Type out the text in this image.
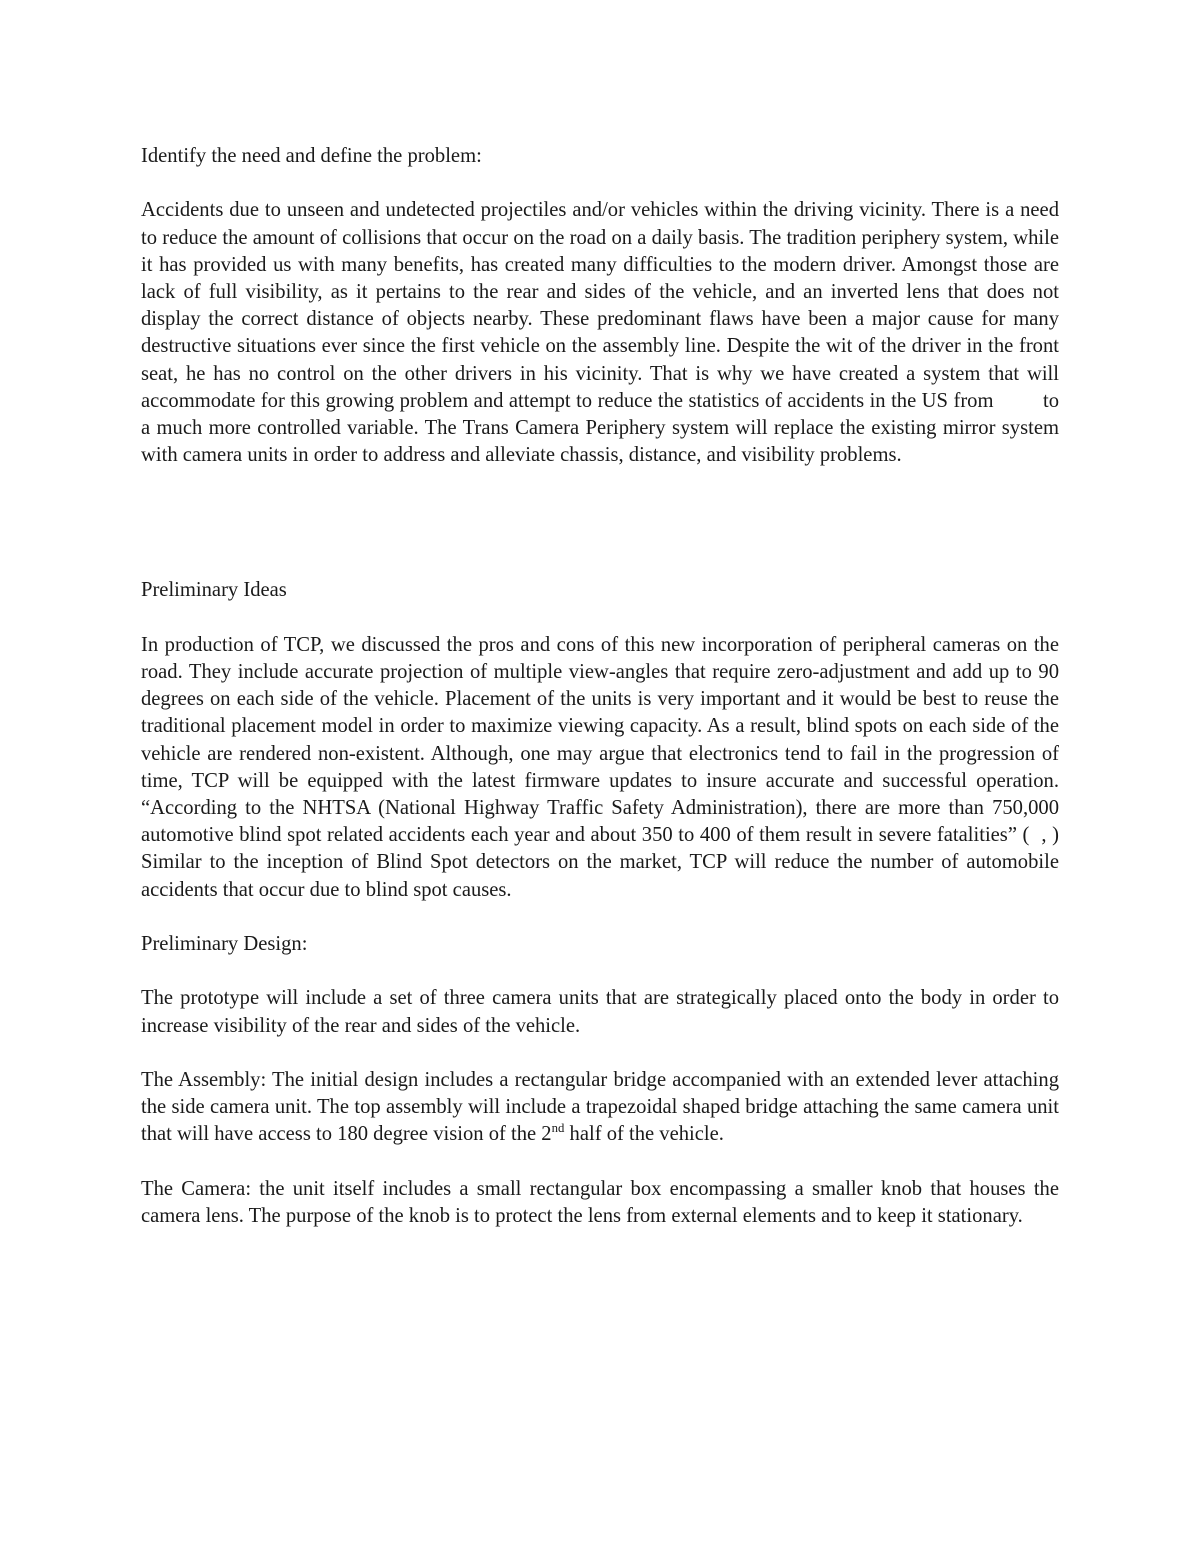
Identify the need and define the problem:

Accidents due to unseen and undetected projectiles and/or vehicles within the driving vicinity. There is a need to reduce the amount of collisions that occur on the road on a daily basis. The tradition periphery system, while it has provided us with many benefits, has created many difficulties to the modern driver. Amongst those are lack of full visibility, as it pertains to the rear and sides of the vehicle, and an inverted lens that does not display the correct distance of objects nearby. These predominant flaws have been a major cause for many destructive situations ever since the first vehicle on the assembly line. Despite the wit of the driver in the front seat, he has no control on the other drivers in his vicinity. That is why we have created a system that will accommodate for this growing problem and attempt to reduce the statistics of accidents in the US from to a much more controlled variable. The Trans Camera Periphery system will replace the existing mirror system with camera units in order to address and alleviate chassis, distance, and visibility problems.

Preliminary Ideas

In production of TCP, we discussed the pros and cons of this new incorporation of peripheral cameras on the road. They include accurate projection of multiple view-angles that require zero-adjustment and add up to 90 degrees on each side of the vehicle. Placement of the units is very important and it would be best to reuse the traditional placement model in order to maximize viewing capacity. As a result, blind spots on each side of the vehicle are rendered non-existent. Although, one may argue that electronics tend to fail in the progression of time, TCP will be equipped with the latest firmware updates to insure accurate and successful operation. “According to the NHTSA (National Highway Traffic Safety Administration), there are more than 750,000 automotive blind spot related accidents each year and about 350 to 400 of them result in severe fatalities” ( , ) Similar to the inception of Blind Spot detectors on the market, TCP will reduce the number of automobile accidents that occur due to blind spot causes.

Preliminary Design:

The prototype will include a set of three camera units that are strategically placed onto the body in order to increase visibility of the rear and sides of the vehicle.

The Assembly: The initial design includes a rectangular bridge accompanied with an extended lever attaching the side camera unit. The top assembly will include a trapezoidal shaped bridge attaching the same camera unit that will have access to 180 degree vision of the 2nd half of the vehicle.

The Camera: the unit itself includes a small rectangular box encompassing a smaller knob that houses the camera lens. The purpose of the knob is to protect the lens from external elements and to keep it stationary.
